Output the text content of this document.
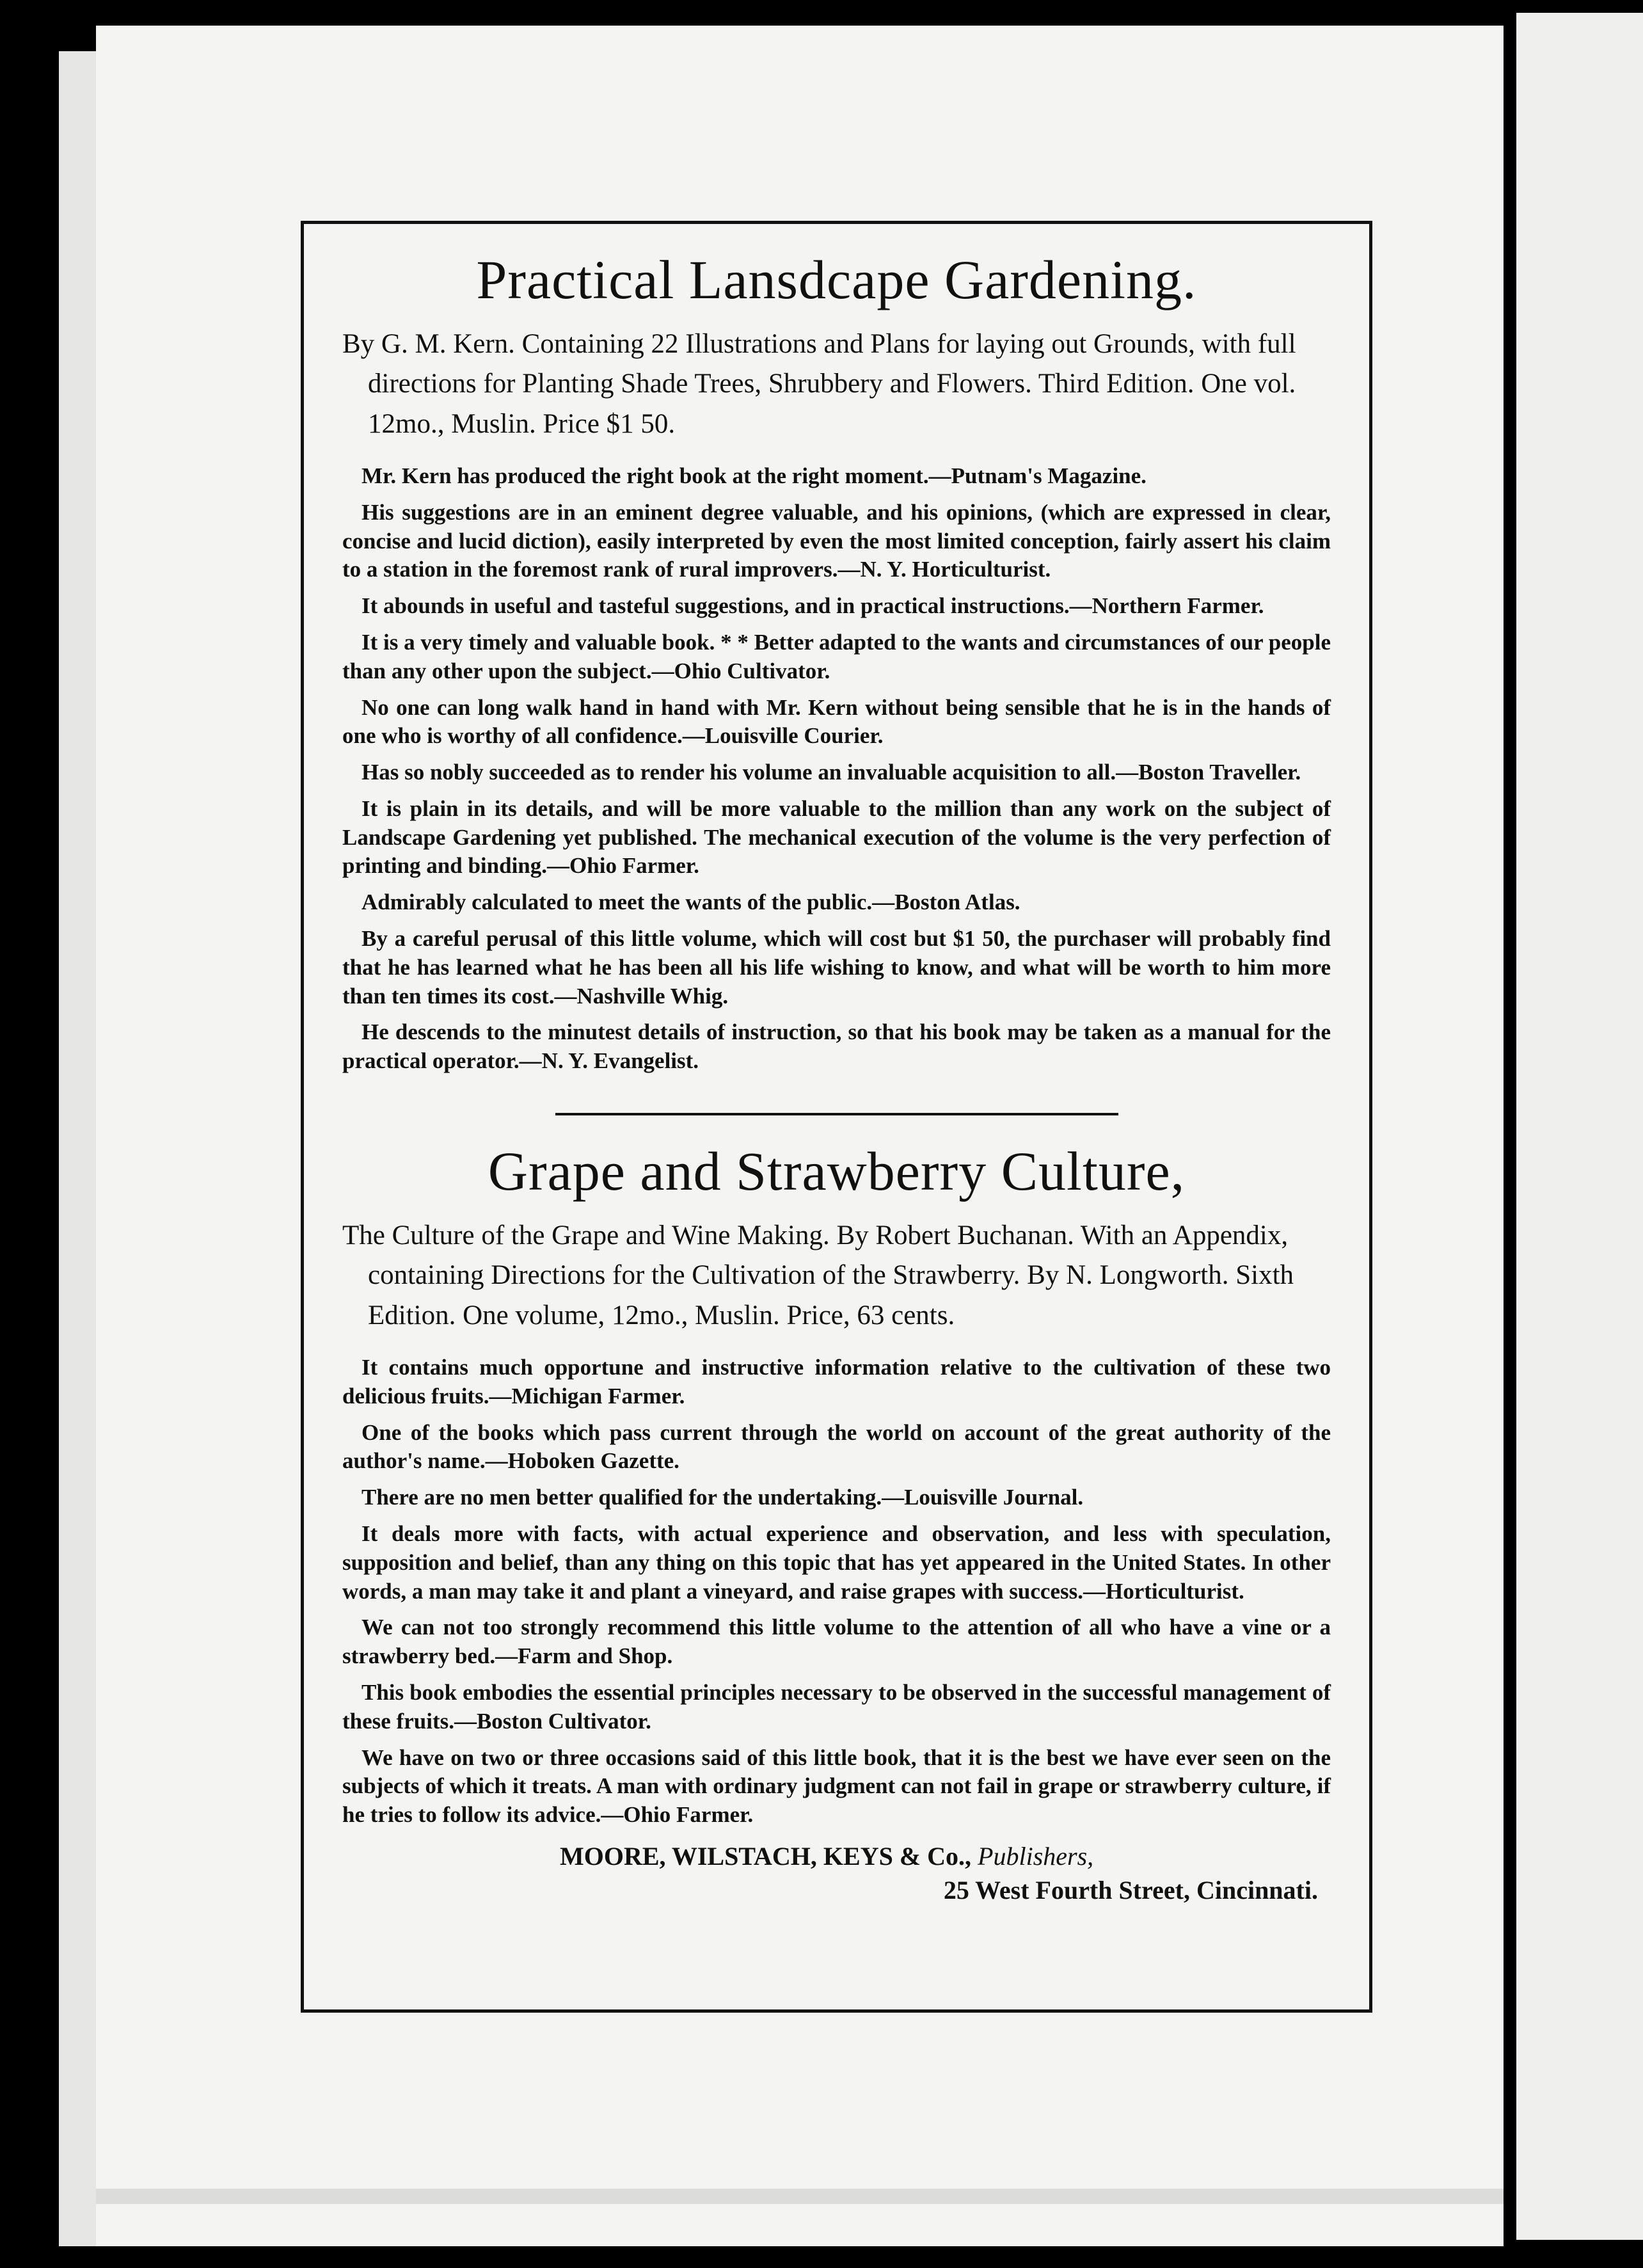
Practical Lansdcape Gardening.
By G. M. Kern. Containing 22 Illustrations and Plans for laying out Grounds, with full directions for Planting Shade Trees, Shrubbery and Flowers. Third Edition. One vol. 12mo., Muslin. Price $1 50.

Mr. Kern has produced the right book at the right moment.—Putnam's Magazine.

His suggestions are in an eminent degree valuable, and his opinions, (which are expressed in clear, concise and lucid diction), easily interpreted by even the most limited conception, fairly assert his claim to a station in the foremost rank of rural improvers.—N. Y. Horticulturist.

It abounds in useful and tasteful suggestions, and in practical instructions.—Northern Farmer.

It is a very timely and valuable book. * * Better adapted to the wants and circumstances of our people than any other upon the subject.—Ohio Cultivator.

No one can long walk hand in hand with Mr. Kern without being sensible that he is in the hands of one who is worthy of all confidence.—Louisville Courier.

Has so nobly succeeded as to render his volume an invaluable acquisition to all.—Boston Traveller.

It is plain in its details, and will be more valuable to the million than any work on the subject of Landscape Gardening yet published. The mechanical execution of the volume is the very perfection of printing and binding.—Ohio Farmer.

Admirably calculated to meet the wants of the public.—Boston Atlas.

By a careful perusal of this little volume, which will cost but $1 50, the purchaser will probably find that he has learned what he has been all his life wishing to know, and what will be worth to him more than ten times its cost.—Nashville Whig.

He descends to the minutest details of instruction, so that his book may be taken as a manual for the practical operator.—N. Y. Evangelist.

Grape and Strawberry Culture,
The Culture of the Grape and Wine Making. By Robert Buchanan. With an Appendix, containing Directions for the Cultivation of the Strawberry. By N. Longworth. Sixth Edition. One volume, 12mo., Muslin. Price, 63 cents.

It contains much opportune and instructive information relative to the cultivation of these two delicious fruits.—Michigan Farmer.

One of the books which pass current through the world on account of the great authority of the author's name.—Hoboken Gazette.

There are no men better qualified for the undertaking.—Louisville Journal.

It deals more with facts, with actual experience and observation, and less with speculation, supposition and belief, than any thing on this topic that has yet appeared in the United States. In other words, a man may take it and plant a vineyard, and raise grapes with success.—Horticulturist.

We can not too strongly recommend this little volume to the attention of all who have a vine or a strawberry bed.—Farm and Shop.

This book embodies the essential principles necessary to be observed in the successful management of these fruits.—Boston Cultivator.

We have on two or three occasions said of this little book, that it is the best we have ever seen on the subjects of which it treats. A man with ordinary judgment can not fail in grape or strawberry culture, if he tries to follow its advice.—Ohio Farmer.

MOORE, WILSTACH, KEYS & Co., Publishers,
25 West Fourth Street, Cincinnati.
